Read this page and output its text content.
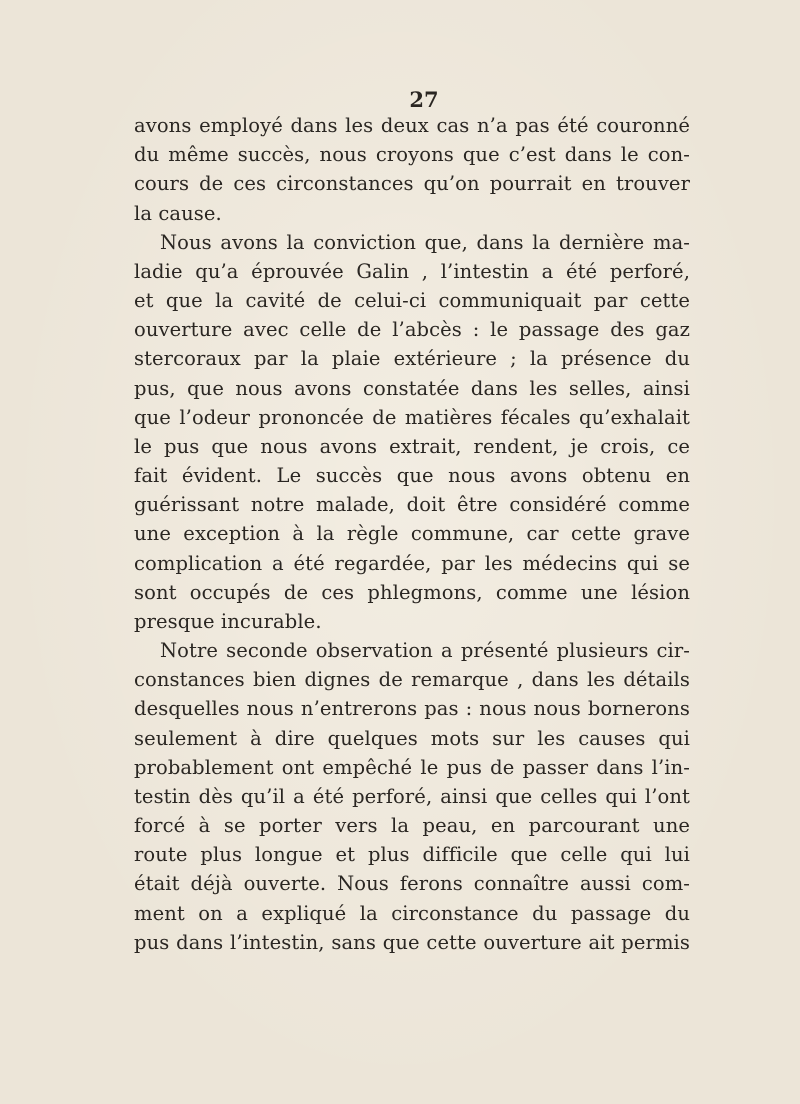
27
avons employé dans les deux cas n’a pas été couronné
du même succès, nous croyons que c’est dans le con-
cours de ces circonstances qu’on pourrait en trouver
la cause.
Nous avons la conviction que, dans la dernière ma-
ladie qu’a éprouvée Galin , l’intestin a été perforé,
et que la cavité de celui-ci communiquait par cette
ouverture avec celle de l’abcès : le passage des gaz
stercoraux par la plaie extérieure ; la présence du
pus, que nous avons constatée dans les selles, ainsi
que l’odeur prononcée de matières fécales qu’exhalait
le pus que nous avons extrait, rendent, je crois, ce
fait évident. Le succès que nous avons obtenu en
guérissant notre malade, doit être considéré comme
une exception à la règle commune, car cette grave
complication a été regardée, par les médecins qui se
sont occupés de ces phlegmons, comme une lésion
presque incurable.
Notre seconde observation a présenté plusieurs cir-
constances bien dignes de remarque , dans les détails
desquelles nous n’entrerons pas : nous nous bornerons
seulement à dire quelques mots sur les causes qui
probablement ont empêché le pus de passer dans l’in-
testin dès qu’il a été perforé, ainsi que celles qui l’ont
forcé à se porter vers la peau, en parcourant une
route plus longue et plus difficile que celle qui lui
était déjà ouverte. Nous ferons connaître aussi com-
ment on a expliqué la circonstance du passage du
pus dans l’intestin, sans que cette ouverture ait permis
